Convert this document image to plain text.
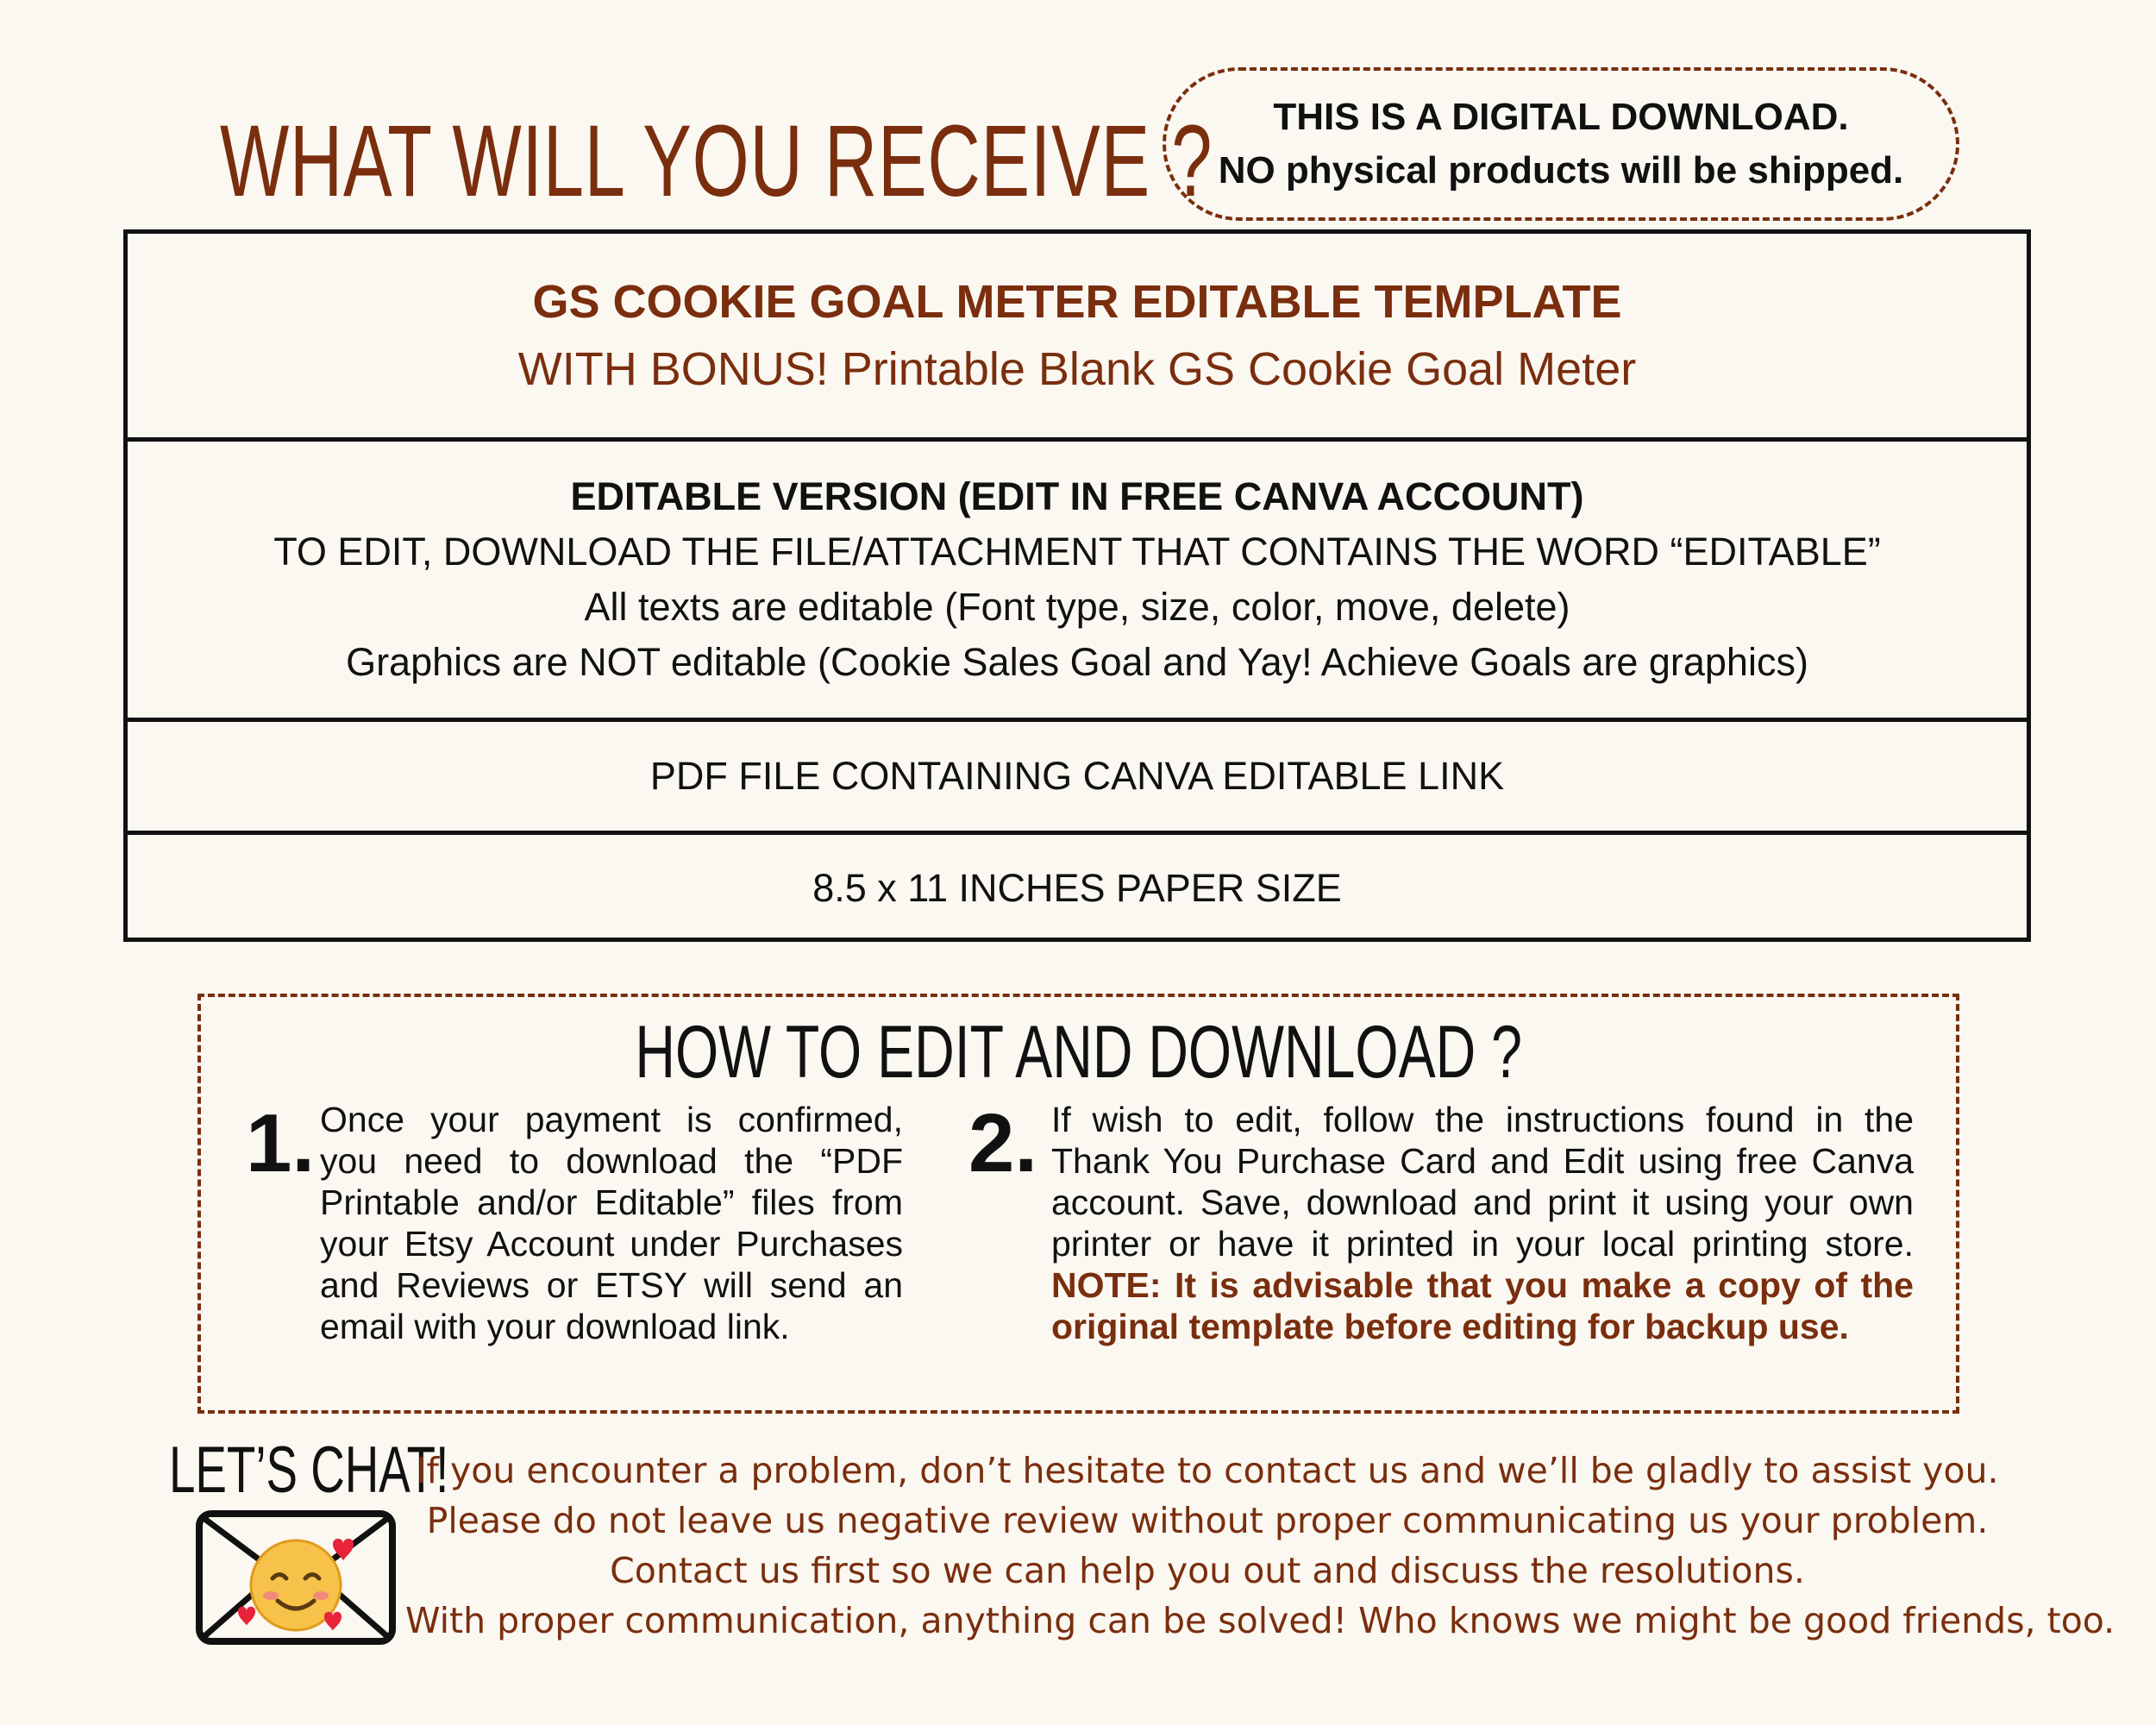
WHAT WILL YOU RECEIVE ? THIS IS A DIGITAL DOWNLOAD.
NO physical products will be shipped.
GS COOKIE GOAL METER EDITABLE TEMPLATE
WITH BONUS! Printable Blank GS Cookie Goal Meter
EDITABLE VERSION (EDIT IN FREE CANVA ACCOUNT)
TO EDIT, DOWNLOAD THE FILE/ATTACHMENT THAT CONTAINS THE WORD “EDITABLE”
All texts are editable (Font type, size, color, move, delete)
Graphics are NOT editable (Cookie Sales Goal and Yay! Achieve Goals are graphics)
PDF FILE CONTAINING CANVA EDITABLE LINK
8.5 x 11 INCHES PAPER SIZE
HOW TO EDIT AND DOWNLOAD ?
1. Once your payment is confirmed, you need to download the “PDF Printable and/or Editable” files from your Etsy Account under Purchases and Reviews or ETSY will send an email with your download link.
2. If wish to edit, follow the instructions found in the Thank You Purchase Card and Edit using free Canva account. Save, download and print it using your own printer or have it printed in your local printing store. NOTE: It is advisable that you make a copy of the original template before editing for backup use.
LET’S CHAT!
If you encounter a problem, don’t hesitate to contact us and we’ll be gladly to assist you.
Please do not leave us negative review without proper communicating us your problem.
Contact us first so we can help you out and discuss the resolutions.
With proper communication, anything can be solved! Who knows we might be good friends, too.
